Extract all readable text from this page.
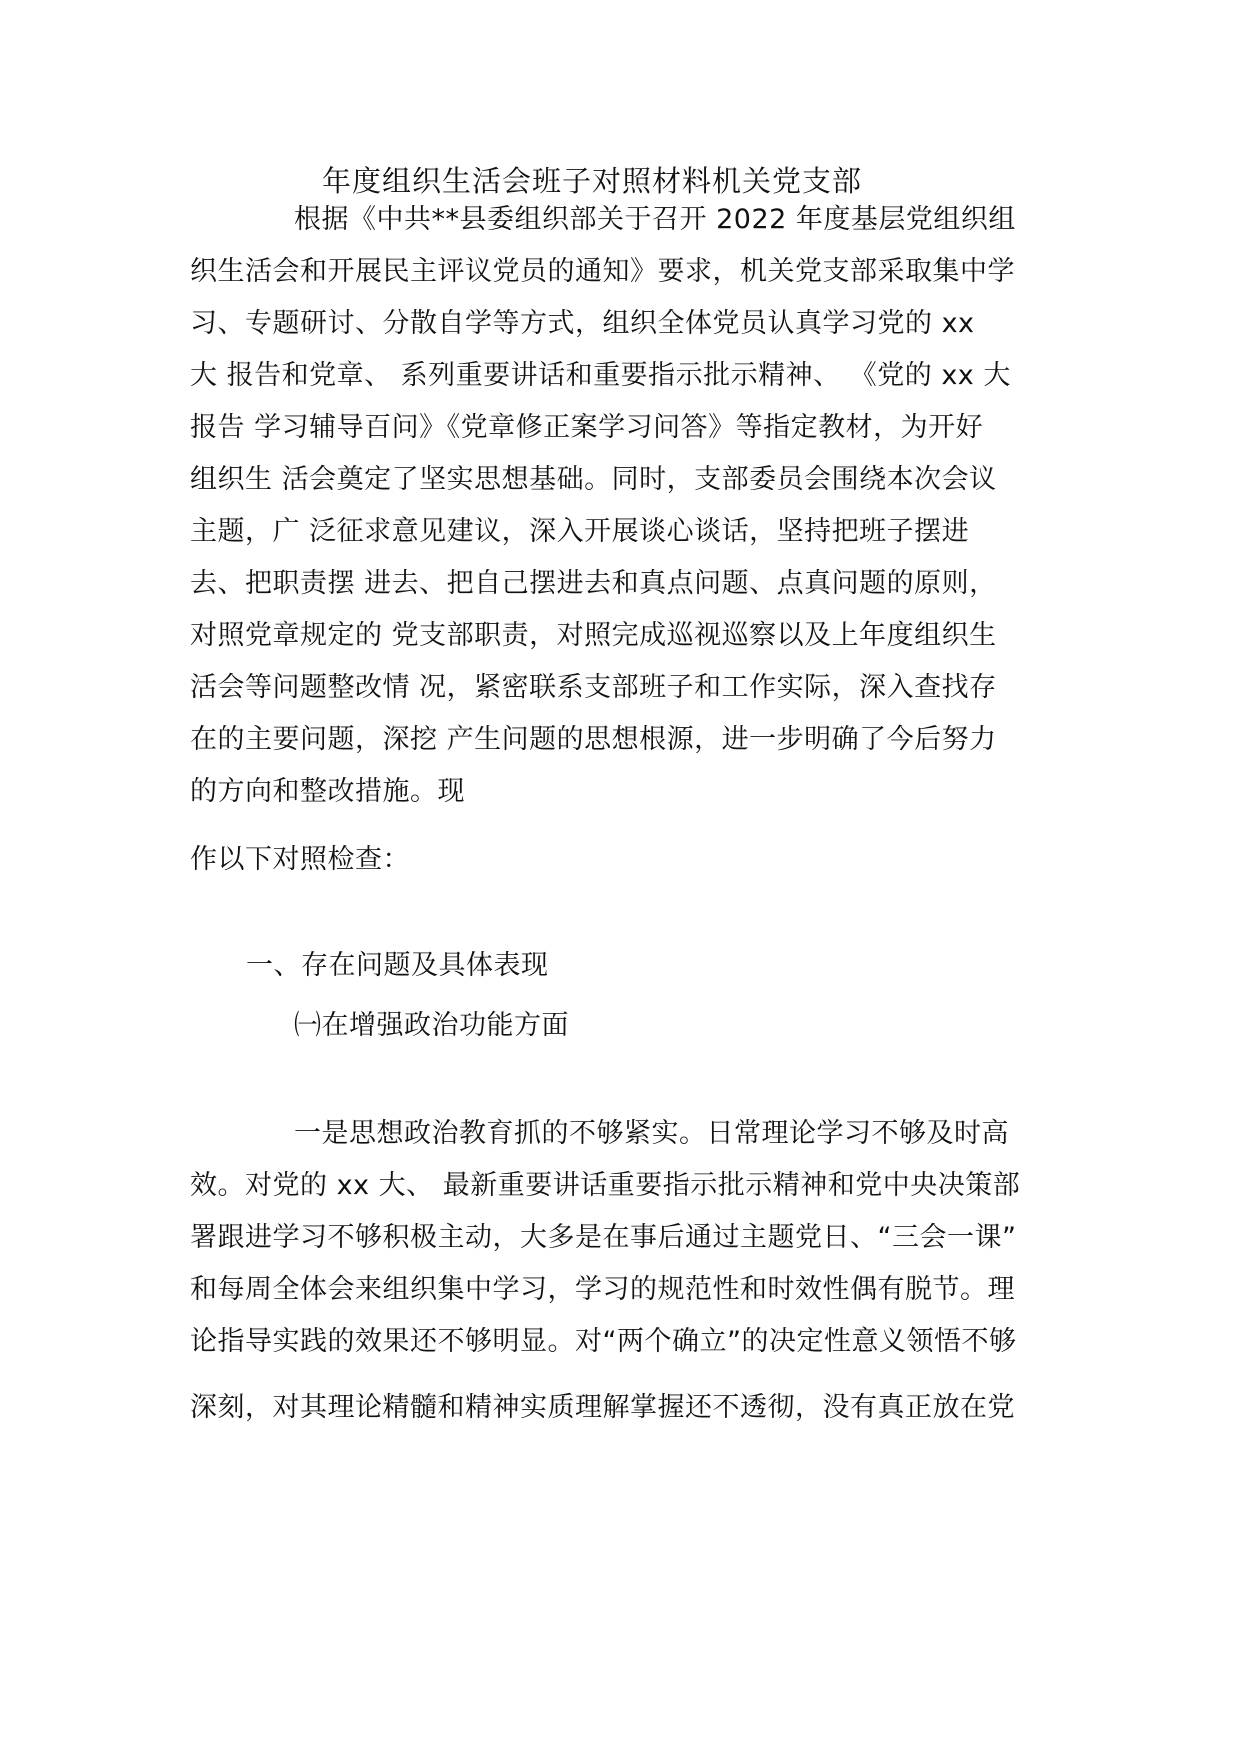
年度组织生活会班子对照材料机关党支部
根据《中共**县委组织部关于召开 2022 年度基层党组织组
织生活会和开展民主评议党员的通知》要求，机关党支部采取集中学
习、专题研讨、分散自学等方式，组织全体党员认真学习党的 xx
大 报告和党章、 系列重要讲话和重要指示批示精神、 《党的 xx 大
报告 学习辅导百问》《党章修正案学习问答》等指定教材，为开好
组织生 活会奠定了坚实思想基础。同时，支部委员会围绕本次会议
主题，广 泛征求意见建议，深入开展谈心谈话，坚持把班子摆进
去、把职责摆 进去、把自己摆进去和真点问题、点真问题的原则，
对照党章规定的 党支部职责，对照完成巡视巡察以及上年度组织生
活会等问题整改情 况，紧密联系支部班子和工作实际，深入查找存
在的主要问题，深挖 产生问题的思想根源，进一步明确了今后努力
的方向和整改措施。现
作以下对照检查：
一、存在问题及具体表现
㈠在增强政治功能方面
一是思想政治教育抓的不够紧实。日常理论学习不够及时高
效。对党的 xx 大、 最新重要讲话重要指示批示精神和党中央决策部
署跟进学习不够积极主动，大多是在事后通过主题党日、“三会一课”
和每周全体会来组织集中学习，学习的规范性和时效性偶有脱节。理
论指导实践的效果还不够明显。对“两个确立”的决定性意义领悟不够
深刻，对其理论精髓和精神实质理解掌握还不透彻，没有真正放在党
